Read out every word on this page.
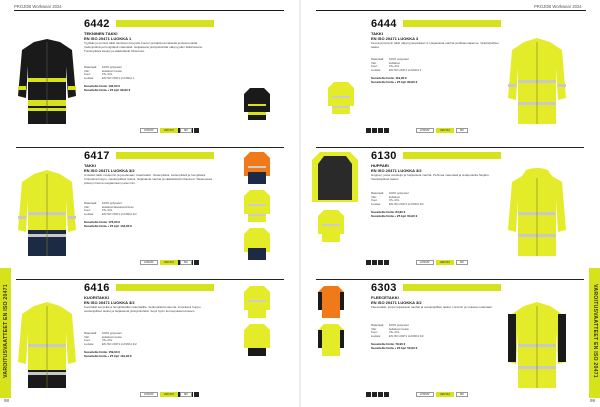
PROJOB Workwear 2024	PROJOB Workwear 2024
VAROITUSVAATTEET EN ISO 20471	VAROITUSVAATTEET EN ISO 20471
98	99
6442
TEKNINEN TAKKI
EN ISO 20471 LUOKKA 1
Tyylikäs ja toimiva takki tekniksen kevyelle kuoren ja kaksisuuntaisella joustavuudella. Vedenpitävä ja hengittävä materiaali. Heijastavat yksityiskohdat näkyvyyden lisäämiseksi. Tuulenpitävä kaulus ja säädettävät hihansuut.
Materiaali:	100% polyesteri
Väri:	keltainen/musta
Koot:	XS–4XL
Luokka:	EN ISO 20471 LUOKKA 1
Suositeltu hinta: 132,90 €
Suositeltu hinta + 25 kpl: 99,90 €
HINNAT	VENTAT	MK
6417
TAKKI
EN ISO 20471 LUOKKA 3/2
Uniseksi takki moderniin ja joustavaan materiaaliin. Vedenpitävä, tuulenpitävä ja hengittävä. Irrotettava huppu, vetoketjulliset taskut, heijastavat nauhat ja säädettävät hihansuut. Takaosassa pidempi helma suojaamaan paremmin.
Materiaali:	100% polyesteri
Väri:	keltainen/laivastonsininen
Koot:	XS–4XL
Luokka:	EN ISO 20471 LUOKKA 3/2
Suositeltu hinta: 176,90 €
Suositeltu hinta + 25 kpl: 133,90 €
HINNAT	VENTAT	MK
6416
KUORITAKKI
EN ISO 20471 LUOKKA 3/2
Kuoritakki kevyellä ja hengittävällä materiaalilla. Vedenpitävät saumat, irrotettava huppu, vetoketjulliset taskut ja heijastavat yksityiskohdat. Sopii hyvin kerrospukeutumiseen.
Materiaali:	100% polyesteri
Väri:	keltainen/musta
Koot:	XS–4XL
Luokka:	EN ISO 20471 LUOKKA 3/2
Suositeltu hinta: 159,90 €
Suositeltu hinta + 25 kpl: 119,90 €
HINNAT	VENTAT	MK
6444
TAKKI
EN ISO 20471 LUOKKA 3
Keveä ja lämmin takki näkyvyysluokkaan 3. Heijastavat nauhat ja tikkausrakenne. Vetoketjulliset taskut.
Materiaali:	100% polyesteri
Väri:	keltainen
Koot:	XS–4XL
Luokka:	EN ISO 20471 LUOKKA 3
Suositeltu hinta: 119,90 €
Suositeltu hinta + 25 kpl: 89,90 €
HINNAT	VENTAT	MK
6130
HUPPARI
EN ISO 20471 LUOKKA 3/2
Huppari, jossa vetoketju ja heijastavat nauhat. Pehmeä materiaali ja sisäpuolelta harjattu. Vetoketjulliset taskut.
Materiaali:	100% polyesteri
Väri:	keltainen
Koot:	XS–4XL
Luokka:	EN ISO 20471 LUOKKA 3/2
Suositeltu hinta: 84,90 €
Suositeltu hinta + 25 kpl: 63,90 €
HINNAT	VENTAT	MK
6303
FLEECETAKKI
EN ISO 20471 LUOKKA 3/2
Fleecetakki, jossa heijastavat nauhat ja vetoketjulliset taskut. Lämmin ja mukava materiaali.
Materiaali:	100% polyesteri
Väri:	keltainen/musta
Koot:	XS–4XL
Luokka:	EN ISO 20471 LUOKKA 3/2
Suositeltu hinta: 79,90 €
Suositeltu hinta + 25 kpl: 59,90 €
HINNAT	VENTAT	MK
